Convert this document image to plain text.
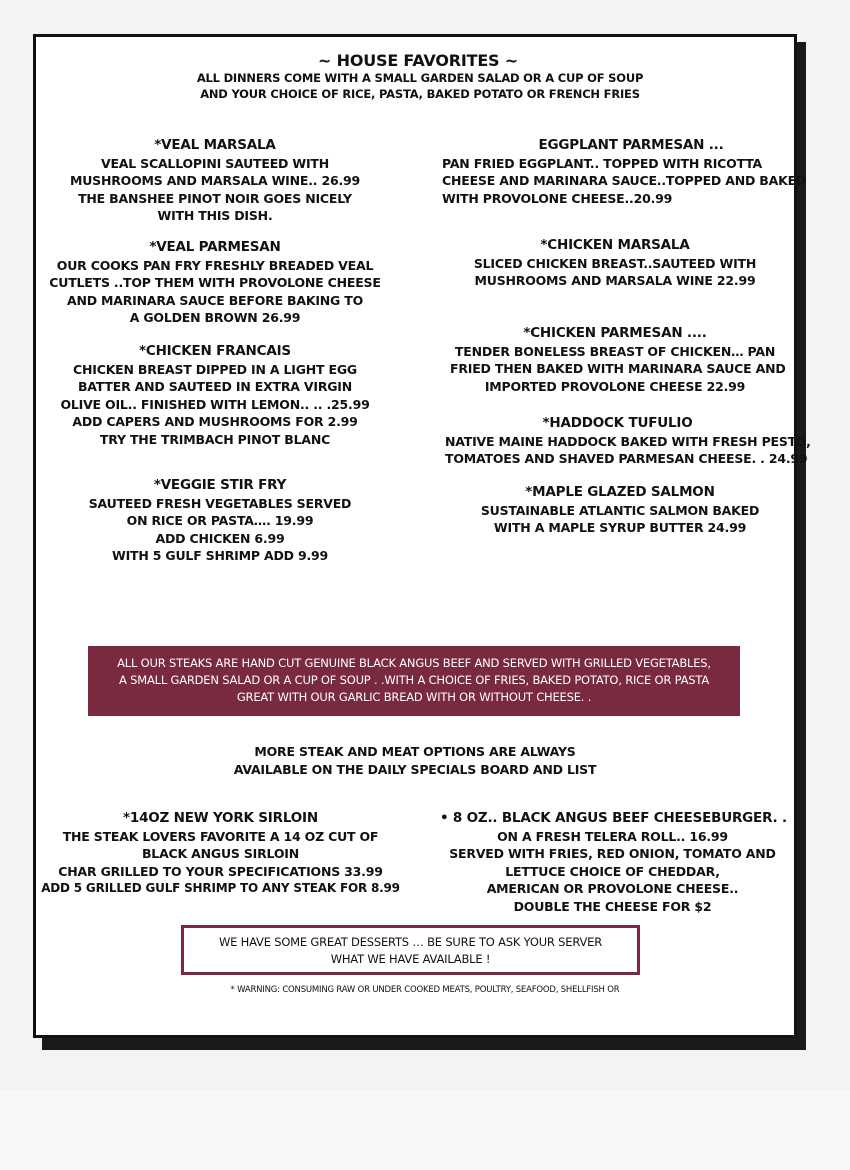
~ HOUSE FAVORITES ~
ALL DINNERS COME WITH A SMALL GARDEN SALAD OR A CUP OF SOUP
AND YOUR CHOICE OF RICE, PASTA, BAKED POTATO OR FRENCH FRIES
*VEAL MARSALA
VEAL SCALLOPINI SAUTEED WITH
MUSHROOMS AND MARSALA WINE.. 26.99
THE BANSHEE PINOT NOIR GOES NICELY
WITH THIS DISH.
*VEAL PARMESAN
OUR COOKS PAN FRY FRESHLY BREADED VEAL
CUTLETS ..TOP THEM WITH PROVOLONE CHEESE
AND MARINARA SAUCE BEFORE BAKING TO
A GOLDEN BROWN 26.99
*CHICKEN FRANCAIS
CHICKEN BREAST DIPPED IN A LIGHT EGG
BATTER AND SAUTEED IN EXTRA VIRGIN
OLIVE OIL.. FINISHED WITH LEMON.. .. .25.99
ADD CAPERS AND MUSHROOMS FOR 2.99
TRY THE TRIMBACH PINOT BLANC
*VEGGIE STIR FRY
SAUTEED FRESH VEGETABLES SERVED
ON RICE OR PASTA…. 19.99
ADD CHICKEN 6.99
WITH 5 GULF SHRIMP ADD 9.99
EGGPLANT PARMESAN ...
PAN FRIED EGGPLANT.. TOPPED WITH RICOTTA
CHEESE AND MARINARA SAUCE..TOPPED AND BAKED
WITH PROVOLONE CHEESE..20.99
*CHICKEN MARSALA
SLICED CHICKEN BREAST..SAUTEED WITH
MUSHROOMS AND MARSALA WINE 22.99
*CHICKEN PARMESAN ....
TENDER BONELESS BREAST OF CHICKEN… PAN
FRIED THEN BAKED WITH MARINARA SAUCE AND
IMPORTED PROVOLONE CHEESE 22.99
*HADDOCK TUFULIO
NATIVE MAINE HADDOCK BAKED WITH FRESH PESTO,
TOMATOES AND SHAVED PARMESAN CHEESE. . 24.99
*MAPLE GLAZED SALMON
SUSTAINABLE ATLANTIC SALMON BAKED
WITH A MAPLE SYRUP BUTTER 24.99
ALL OUR STEAKS ARE HAND CUT GENUINE BLACK ANGUS BEEF AND SERVED WITH GRILLED VEGETABLES,
A SMALL GARDEN SALAD OR A CUP OF SOUP . .WITH A CHOICE OF FRIES, BAKED POTATO, RICE OR PASTA
GREAT WITH OUR GARLIC BREAD WITH OR WITHOUT CHEESE. .
MORE STEAK AND MEAT OPTIONS ARE ALWAYS
AVAILABLE ON THE DAILY SPECIALS BOARD AND LIST
*14OZ NEW YORK SIRLOIN
THE STEAK LOVERS FAVORITE A 14 OZ CUT OF
BLACK ANGUS SIRLOIN
CHAR GRILLED TO YOUR SPECIFICATIONS 33.99
ADD 5 GRILLED GULF SHRIMP TO ANY STEAK FOR 8.99
• 8 OZ.. BLACK ANGUS BEEF CHEESEBURGER. .
ON A FRESH TELERA ROLL.. 16.99
SERVED WITH FRIES, RED ONION, TOMATO AND
LETTUCE CHOICE OF CHEDDAR,
AMERICAN OR PROVOLONE CHEESE..
DOUBLE THE CHEESE FOR $2
WE HAVE SOME GREAT DESSERTS … BE SURE TO ASK YOUR SERVER
WHAT WE HAVE AVAILABLE !
* WARNING: CONSUMING RAW OR UNDER COOKED MEATS, POULTRY, SEAFOOD, SHELLFISH OR
